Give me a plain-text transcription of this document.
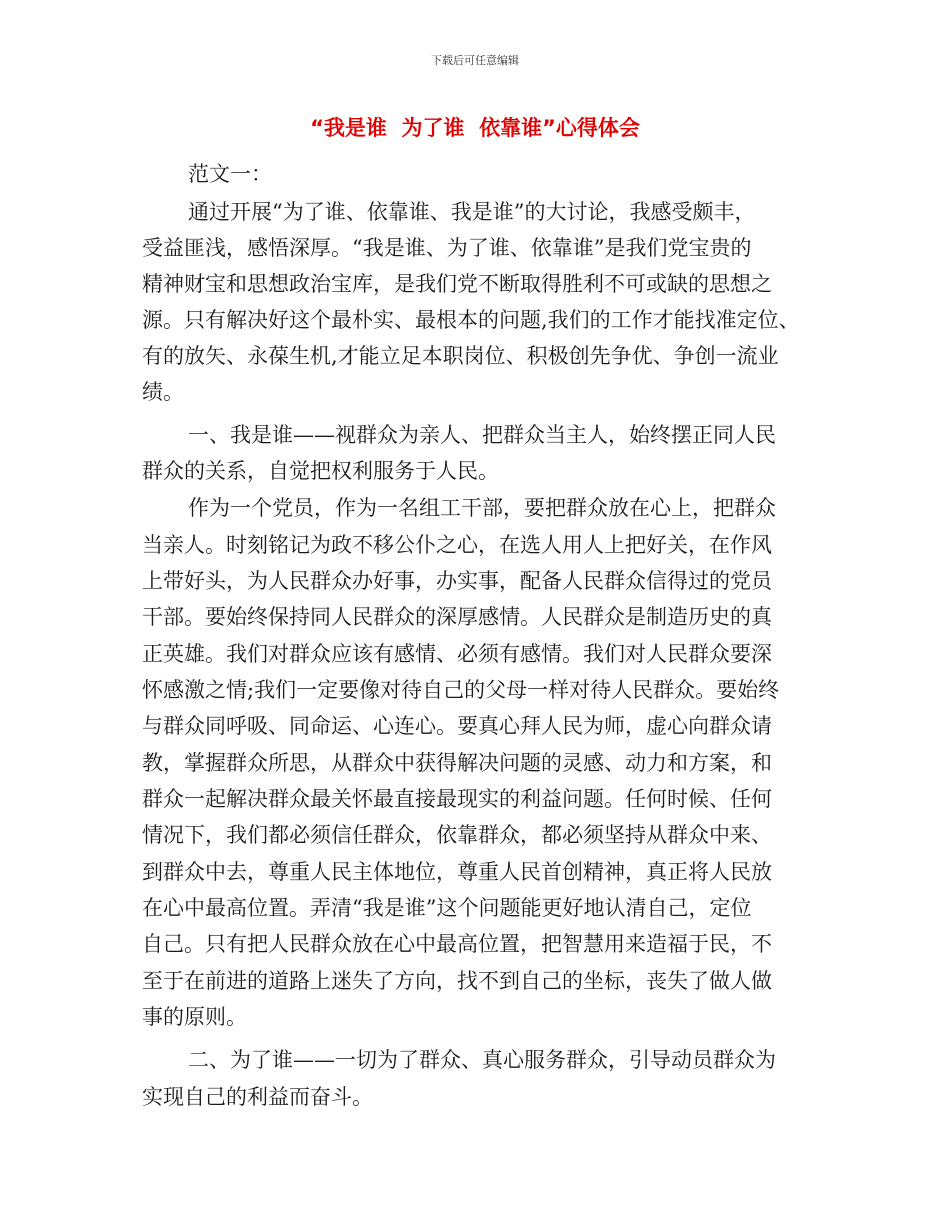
下载后可任意编辑
“我是谁  为了谁  依靠谁”心得体会
范文一：
通过开展“为了谁、依靠谁、我是谁”的大讨论，我感受颇丰，
受益匪浅，感悟深厚。“我是谁、为了谁、依靠谁”是我们党宝贵的
精神财宝和思想政治宝库，是我们党不断取得胜利不可或缺的思想之
源。只有解决好这个最朴实、最根本的问题,我们的工作才能找准定位、
有的放矢、永葆生机,才能立足本职岗位、积极创先争优、争创一流业
绩。
一、我是谁——视群众为亲人、把群众当主人，始终摆正同人民
群众的关系，自觉把权利服务于人民。
作为一个党员，作为一名组工干部，要把群众放在心上，把群众
当亲人。时刻铭记为政不移公仆之心，在选人用人上把好关，在作风
上带好头，为人民群众办好事，办实事，配备人民群众信得过的党员
干部。要始终保持同人民群众的深厚感情。人民群众是制造历史的真
正英雄。我们对群众应该有感情、必须有感情。我们对人民群众要深
怀感激之情;我们一定要像对待自己的父母一样对待人民群众。要始终
与群众同呼吸、同命运、心连心。要真心拜人民为师，虚心向群众请
教，掌握群众所思，从群众中获得解决问题的灵感、动力和方案，和
群众一起解决群众最关怀最直接最现实的利益问题。任何时候、任何
情况下，我们都必须信任群众，依靠群众，都必须坚持从群众中来、
到群众中去，尊重人民主体地位，尊重人民首创精神，真正将人民放
在心中最高位置。弄清“我是谁”这个问题能更好地认清自己，定位
自己。只有把人民群众放在心中最高位置，把智慧用来造福于民，不
至于在前进的道路上迷失了方向，找不到自己的坐标，丧失了做人做
事的原则。
二、为了谁——一切为了群众、真心服务群众，引导动员群众为
实现自己的利益而奋斗。
